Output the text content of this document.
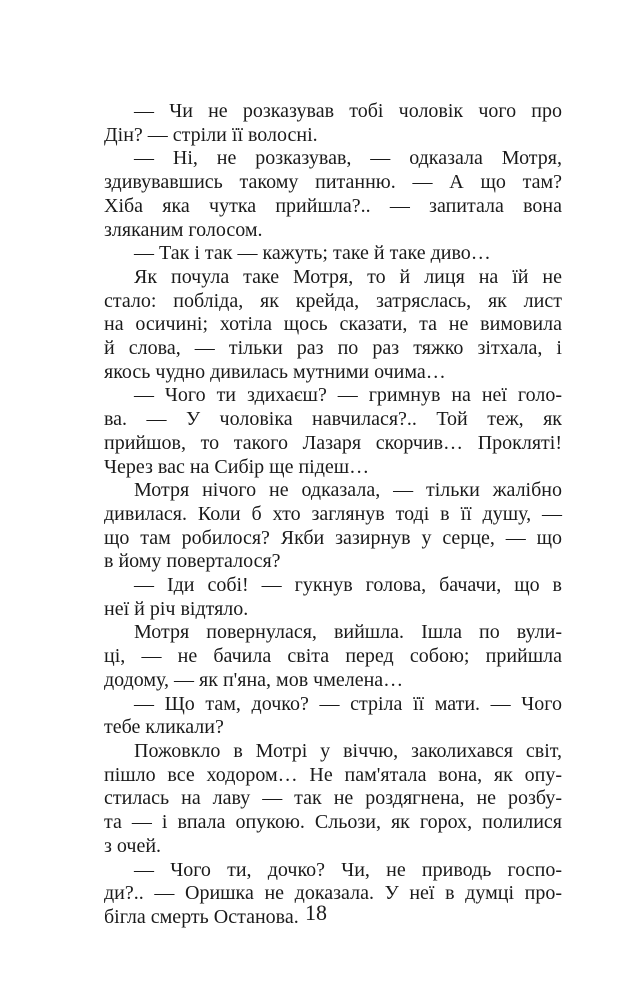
— Чи не розказував тобі чоловік чого про
Дін? — стріли її волосні.
— Ні, не розказував, — одказала Мотря,
здивувавшись такому питанню. — А що там?
Хіба яка чутка прийшла?.. — запитала вона
зляканим голосом.
— Так і так — кажуть; таке й таке диво…
Як почула таке Мотря, то й лиця на їй не
стало: побліда, як крейда, затряслась, як лист
на осичині; хотіла щось сказати, та не вимовила
й слова, — тільки раз по раз тяжко зітхала, і
якось чудно дивилась мутними очима…
— Чого ти здихаєш? — гримнув на неї голо-
ва. — У чоловіка навчилася?.. Той теж, як
прийшов, то такого Лазаря скорчив… Прокляті!
Через вас на Сибір ще підеш…
Мотря нічого не одказала, — тільки жалібно
дивилася. Коли б хто заглянув тоді в її душу, —
що там робилося? Якби зазирнув у серце, — що
в йому поверталося?
— Іди собі! — гукнув голова, бачачи, що в
неї й річ відтяло.
Мотря повернулася, вийшла. Ішла по вули-
ці, — не бачила світа перед собою; прийшла
додому, — як п'яна, мов чмелена…
— Що там, дочко? — стріла її мати. — Чого
тебе кликали?
Пожовкло в Мотрі у віччю, заколихався світ,
пішло все ходором… Не пам'ятала вона, як опу-
стилась на лаву — так не роздягнена, не розбу-
та — і впала опукою. Сльози, як горох, полилися
з очей.
— Чого ти, дочко? Чи, не приводь госпо-
ди?.. — Оришка не доказала. У неї в думці про-
бігла смерть Останова. 18
